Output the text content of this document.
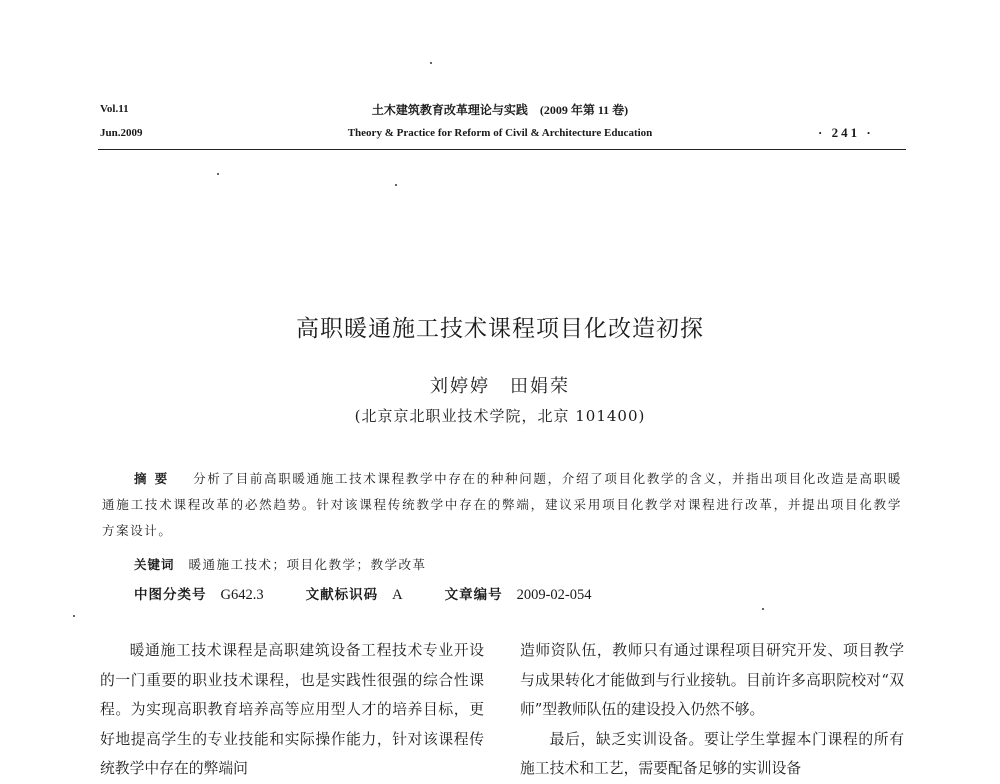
Vol.11
Jun.2009
土木建筑教育改革理论与实践　(2009 年第 11 卷)
Theory & Practice for Reform of Civil & Architecture Education	· 241 ·
高职暖通施工技术课程项目化改造初探
刘婷婷　田娟荣
(北京京北职业技术学院，北京 101400)
摘要 分析了目前高职暖通施工技术课程教学中存在的种种问题，介绍了项目化教学的含义，并指出项目化改造是高职暖通施工技术课程改革的必然趋势。针对该课程传统教学中存在的弊端，建议采用项目化教学对课程进行改革，并提出项目化教学方案设计。
关键词 暖通施工技术；项目化教学；教学改革
中图分类号 G642.3	文献标识码 A	文章编号 2009-02-054

暖通施工技术课程是高职建筑设备工程技术专业开设的一门重要的职业技术课程，也是实践性很强的综合性课程。为实现高职教育培养高等应用型人才的培养目标，更好地提高学生的专业技能和实际操作能力，针对该课程传统教学中存在的弊端问

造师资队伍，教师只有通过课程项目研究开发、项目教学与成果转化才能做到与行业接轨。目前许多高职院校对“双师”型教师队伍的建设投入仍然不够。

最后，缺乏实训设备。要让学生掌握本门课程的所有施工技术和工艺，需要配备足够的实训设备
